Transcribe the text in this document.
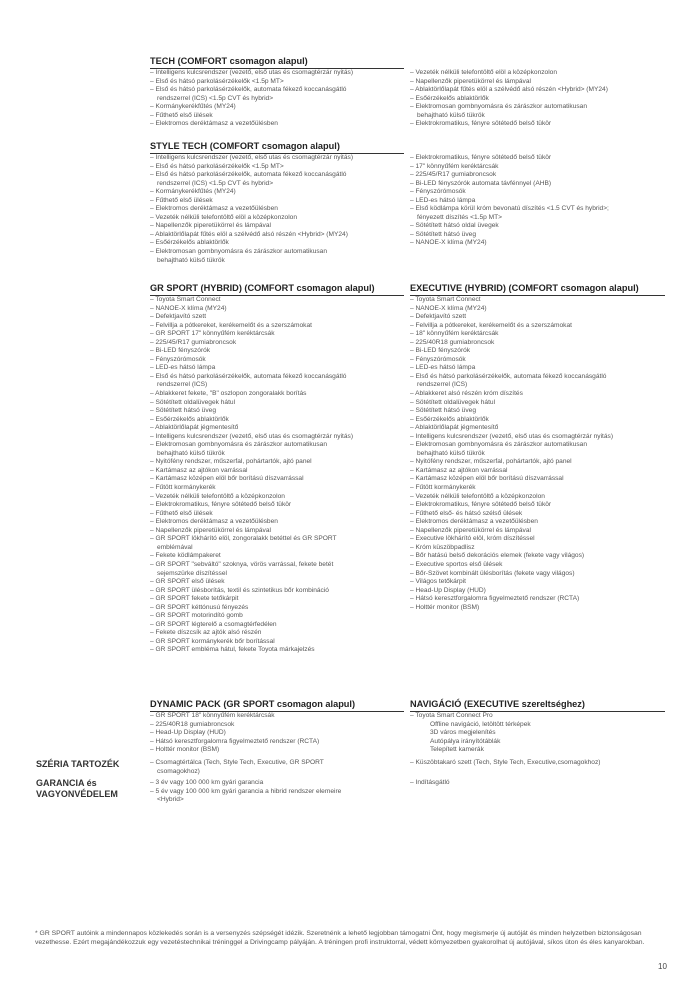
TECH (COMFORT csomagon alapul)
– Intelligens kulcsrendszer (vezető, első utas és csomagtérzár nyitás)
– Első és hátsó parkolásérzékelők <1.5p MT>
– Első és hátsó parkolásérzékelők, automata fékező koccanásgátló
rendszerrel (ICS) <1.5p CVT és hybrid>
– Kormánykerékfűtés (MY24)
– Fűthető első ülések
– Elektromos deréktámasz a vezetőülésben
– Vezeték nélküli telefontöltő elöl a középkonzolon
– Napellenzők piperetükörrel és lámpával
– Ablaktörlőlapát fűtés elöl a szélvédő alsó részén <Hybrid> (MY24)
– Esőérzékelős ablaktörlők
– Elektromosan gombnyomásra és zárászkor automatikusan
behajtható külső tükrök
– Elektrokromatikus, fényre sötétedő belső tükör
STYLE TECH (COMFORT csomagon alapul)
– Intelligens kulcsrendszer (vezető, első utas és csomagtérzár nyitás)
– Első és hátsó parkolásérzékelők <1.5p MT>
– Első és hátsó parkolásérzékelők, automata fékező koccanásgátló
rendszerrel (ICS) <1.5p CVT és hybrid>
– Kormánykerékfűtés (MY24)
– Fűthető első ülések
– Elektromos deréktámasz a vezetőülésben
– Vezeték nélküli telefontöltő elöl a középkonzolon
– Napellenzők piperetükörrel és lámpával
– Ablaktörlőlapát fűtés elöl a szélvédő alsó részén <Hybrid> (MY24)
– Esőérzékelős ablaktörlők
– Elektromosan gombnyomásra és zárászkor automatikusan
behajtható külső tükrök
– Elektrokromatikus, fényre sötétedő belső tükör
– 17" könnyűfém keréktárcsák
– 225/45/R17 gumiabroncsok
– Bi-LED fényszórók automata távfénnyel (AHB)
– Fényszórómosók
– LED-es hátsó lámpa
– Első ködlámpa körül króm bevonatú díszítés <1.5 CVT és hybrid>;
fényezett díszítés <1.5p MT>
– Sötétített hátsó oldal üvegek
– Sötétített hátsó üveg
– NANOE-X klíma (MY24)
GR SPORT (HYBRID) (COMFORT csomagon alapul)
– Toyota Smart Connect
– NANOE-X klíma (MY24)
– Defektjavító szett
– Felvillja a pótkereket, kerékemelőt és a szerszámokat
– GR SPORT 17" könnyűfém keréktárcsák
– 225/45/R17 gumiabroncsok
– Bi-LED fényszórók
– Fényszórómosók
– LED-es hátsó lámpa
– Első és hátsó parkolásérzékelők, automata fékező koccanásgátló
rendszerrel (ICS)
– Ablakkeret fekete, "B" oszlopon zongoralakk borítás
– Sötétített oldalüvegek hátul
– Sötétített hátsó üveg
– Esőérzékelős ablaktörlők
– Ablaktörlőlapát jégmentesítő
– Intelligens kulcsrendszer (vezető, első utas és csomagtérzár nyitás)
– Elektromosan gombnyomásra és zárászkor automatikusan
behajtható külső tükrök
– Nyitófény rendszer, műszerfal, pohártartók, ajtó panel
– Kartámasz az ajtókon varrással
– Kartámasz középen elöl bőr borítású díszvarrással
– Fűtött kormánykerék
– Vezeték nélküli telefontöltő a középkonzolon
– Elektrokromatikus, fényre sötétedő belső tükör
– Fűthető első ülések
– Elektromos deréktámasz a vezetőülésben
– Napellenzők piperetükörrel és lámpával
– GR SPORT lökhárító elöl, zongoralakk betéttel és GR SPORT
emblémával
– Fekete ködlámpakeret
– GR SPORT "sebváltó" szoknya, vörös varrással, fekete betét
sejemszürke díszítéssel
– GR SPORT első ülések
– GR SPORT ülésborítás, textil és szintetikus bőr kombináció
– GR SPORT fekete tetőkárpit
– GR SPORT kéttónusú fényezés
– GR SPORT motorindító gomb
– GR SPORT légterelő a csomagtérfedélen
– Fekete díszcsík az ajtók alsó részén
– GR SPORT kormánykerék bőr borítással
– GR SPORT embléma hátul, fekete Toyota márkajelzés
EXECUTIVE (HYBRID) (COMFORT csomagon alapul)
– Toyota Smart Connect
– NANOE-X klíma (MY24)
– Defektjavító szett
– Felvillja a pótkereket, kerékemelőt és a szerszámokat
– 18" könnyűfém keréktárcsák
– 225/40R18 gumiabroncsok
– Bi-LED fényszórók
– Fényszórómosók
– LED-es hátsó lámpa
– Első és hátsó parkolásérzékelők, automata fékező koccanásgátló
rendszerrel (ICS)
– Ablakkeret alsó részén króm díszítés
– Sötétített oldalüvegek hátul
– Sötétített hátsó üveg
– Esőérzékelős ablaktörlők
– Ablaktörlőlapát jégmentesítő
– Intelligens kulcsrendszer (vezető, első utas és csomagtérzár nyitás)
– Elektromosan gombnyomásra és zárászkor automatikusan
behajtható külső tükrök
– Nyitófény rendszer, műszerfal, pohártartók, ajtó panel
– Kartámasz az ajtókon varrással
– Kartámasz középen elöl bőr borítású díszvarrással
– Fűtött kormánykerék
– Vezeték nélküli telefontöltő a középkonzolon
– Elektrokromatikus, fényre sötétedő belső tükör
– Fűthető első- és hátsó szélső ülések
– Elektromos deréktámasz a vezetőülésben
– Napellenzők piperetükörrel és lámpával
– Executive lökhárító elöl, króm díszítéssel
– Króm küszöbpadlisz
– Bőr hatású belső dekorációs elemek (fekete vagy világos)
– Executive sportos első ülések
– Bőr-Szövet kombinált ülésborítás (fekete vagy világos)
– Világos tetőkárpit
– Head-Up Display (HUD)
– Hátsó keresztforgalomra figyelmeztető rendszer (RCTA)
– Holttér monitor (BSM)
DYNAMIC PACK (GR SPORT csomagon alapul)
– GR SPORT 18" könnyűfém keréktárcsák
– 225/40R18 gumiabroncsok
– Head-Up Display (HUD)
– Hátsó keresztforgalomra figyelmeztető rendszer (RCTA)
– Holttér monitor (BSM)
NAVIGÁCIÓ (EXECUTIVE szereltséghez)
– Toyota Smart Connect Pro
Offline navigáció, letöltött térképek
3D város megjelenítés
Autópálya irányítótáblák
Telepített kamerák
SZÉRIA TARTOZÉK	– Csomagtértálca (Tech, Style Tech, Executive, GR SPORT
csomagokhoz)
– Küszöbtakaró szett (Tech, Style Tech, Executive,csomagokhoz)
GARANCIA és
VAGYONVÉDELEM
– 3 év vagy 100 000 km gyári garancia
– 5 év vagy 100 000 km gyári garancia a hibrid rendszer elemeire
<Hybrid>
– Indításgátló
* GR SPORT autóink a mindennapos közlekedés során is a versenyzés szépségét idézik. Szeretnénk a lehető legjobban támogatni Önt, hogy megismerje új autóját és minden helyzetben biztonságosan vezethesse. Ezért megajándékozzuk egy vezetéstechnikai tréninggel a Drivingcamp pályáján. A tréningen profi instruktorral, védett környezetben gyakorolhat új autójával, síkos úton és éles kanyarokban.
10
